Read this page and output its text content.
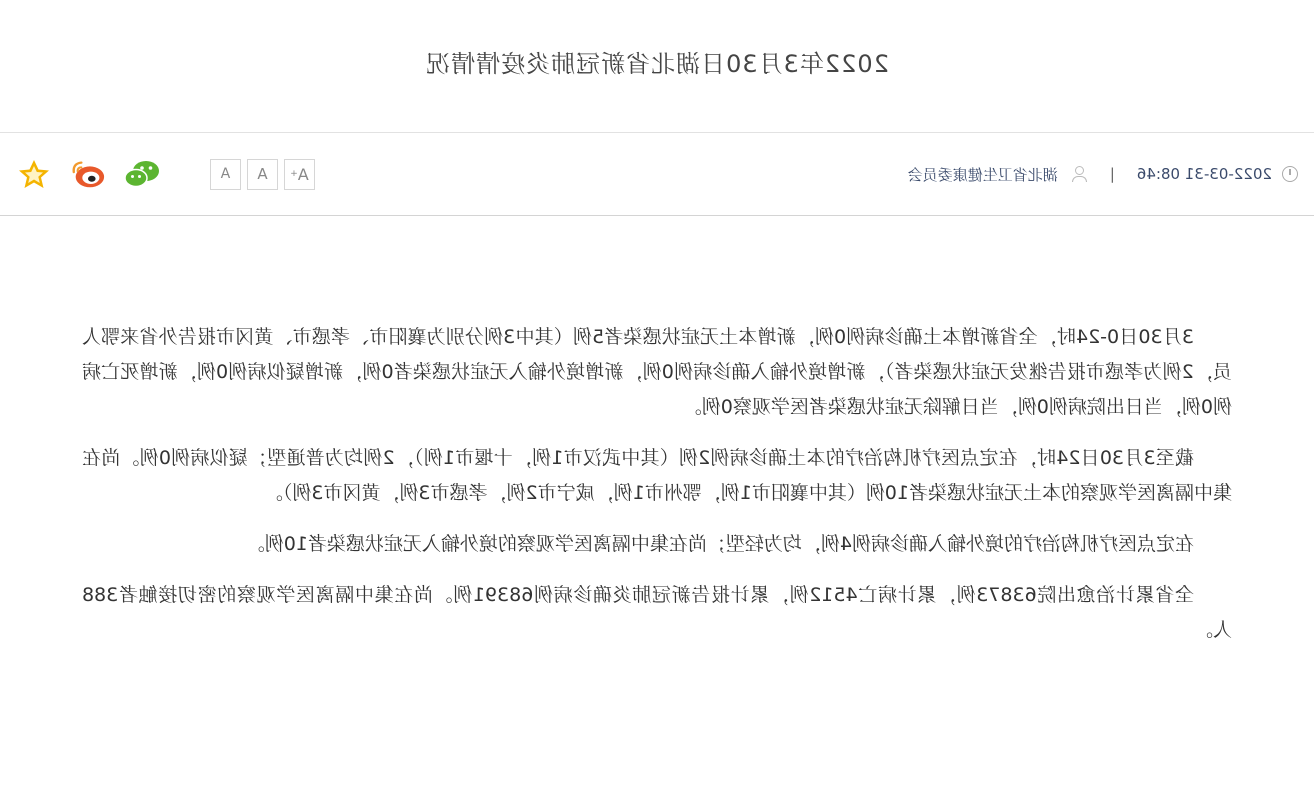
2022年3月30日湖北省新冠肺炎疫情情况
2022-03-31 08:46
|
湖北省卫生健康委员会
A
+
A
A

3月30日0-24时，全省新增本土确诊病例0例，新增本土无症状感染者5例（其中3例分别为襄阳市、孝感市、黄冈市报告外省来鄂人员，2例为孝感市报告继发无症状感染者），新增境外输入确诊病例0例，新增境外输入无症状感染者0例，新增疑似病例0例，新增死亡病例0例，当日出院病例0例，当日解除无症状感染者医学观察0例。

截至3月30日24时，在定点医疗机构治疗的本土确诊病例2例（其中武汉市1例，十堰市1例），2例均为普通型；疑似病例0例。尚在集中隔离医学观察的本土无症状感染者10例（其中襄阳市1例，鄂州市1例，咸宁市2例，孝感市3例，黄冈市3例）。

在定点医疗机构治疗的境外输入确诊病例4例，均为轻型；尚在集中隔离医学观察的境外输入无症状感染者10例。

全省累计治愈出院63873例，累计病亡4512例，累计报告新冠肺炎确诊病例68391例。尚在集中隔离医学观察的密切接触者388人。
